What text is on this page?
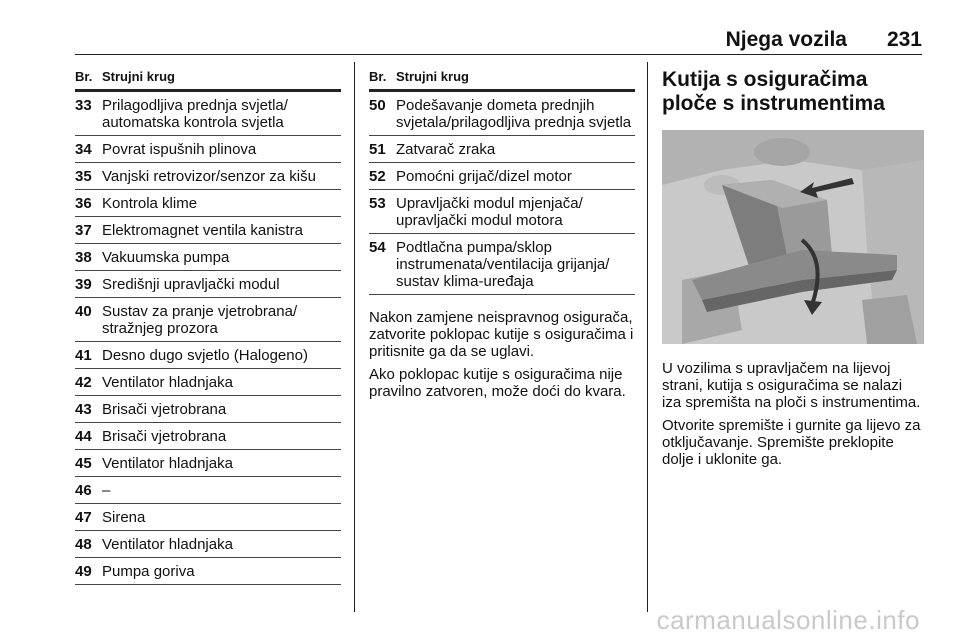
Njega vozila 231
Br. Strujni krug
33 Prilagodljiva prednja svjetla/ automatska kontrola svjetla
34 Povrat ispušnih plinova
35 Vanjski retrovizor/senzor za kišu
36 Kontrola klime
37 Elektromagnet ventila kanistra
38 Vakuumska pumpa
39 Središnji upravljački modul
40 Sustav za pranje vjetrobrana/ stražnjeg prozora
41 Desno dugo svjetlo (Halogeno)
42 Ventilator hladnjaka
43 Brisači vjetrobrana
44 Brisači vjetrobrana
45 Ventilator hladnjaka
46 –
47 Sirena
48 Ventilator hladnjaka
49 Pumpa goriva
Br. Strujni krug
50 Podešavanje dometa prednjih svjetala/prilagodljiva prednja svjetla
51 Zatvarač zraka
52 Pomoćni grijač/dizel motor
53 Upravljački modul mjenjača/ upravljački modul motora
54 Podtlačna pumpa/sklop instrumenata/ventilacija grijanja/ sustav klima-uređaja

Nakon zamjene neispravnog osigurača, zatvorite poklopac kutije s osiguračima i pritisnite ga da se uglavi.

Ako poklopac kutije s osiguračima nije pravilno zatvoren, može doći do kvara.

Kutija s osiguračima ploče s instrumentima

U vozilima s upravljačem na lijevoj strani, kutija s osiguračima se nalazi iza spremišta na ploči s instrumentima.

Otvorite spremište i gurnite ga lijevo za otključavanje. Spremište preklopite dolje i uklonite ga.

carmanualsonline.info
